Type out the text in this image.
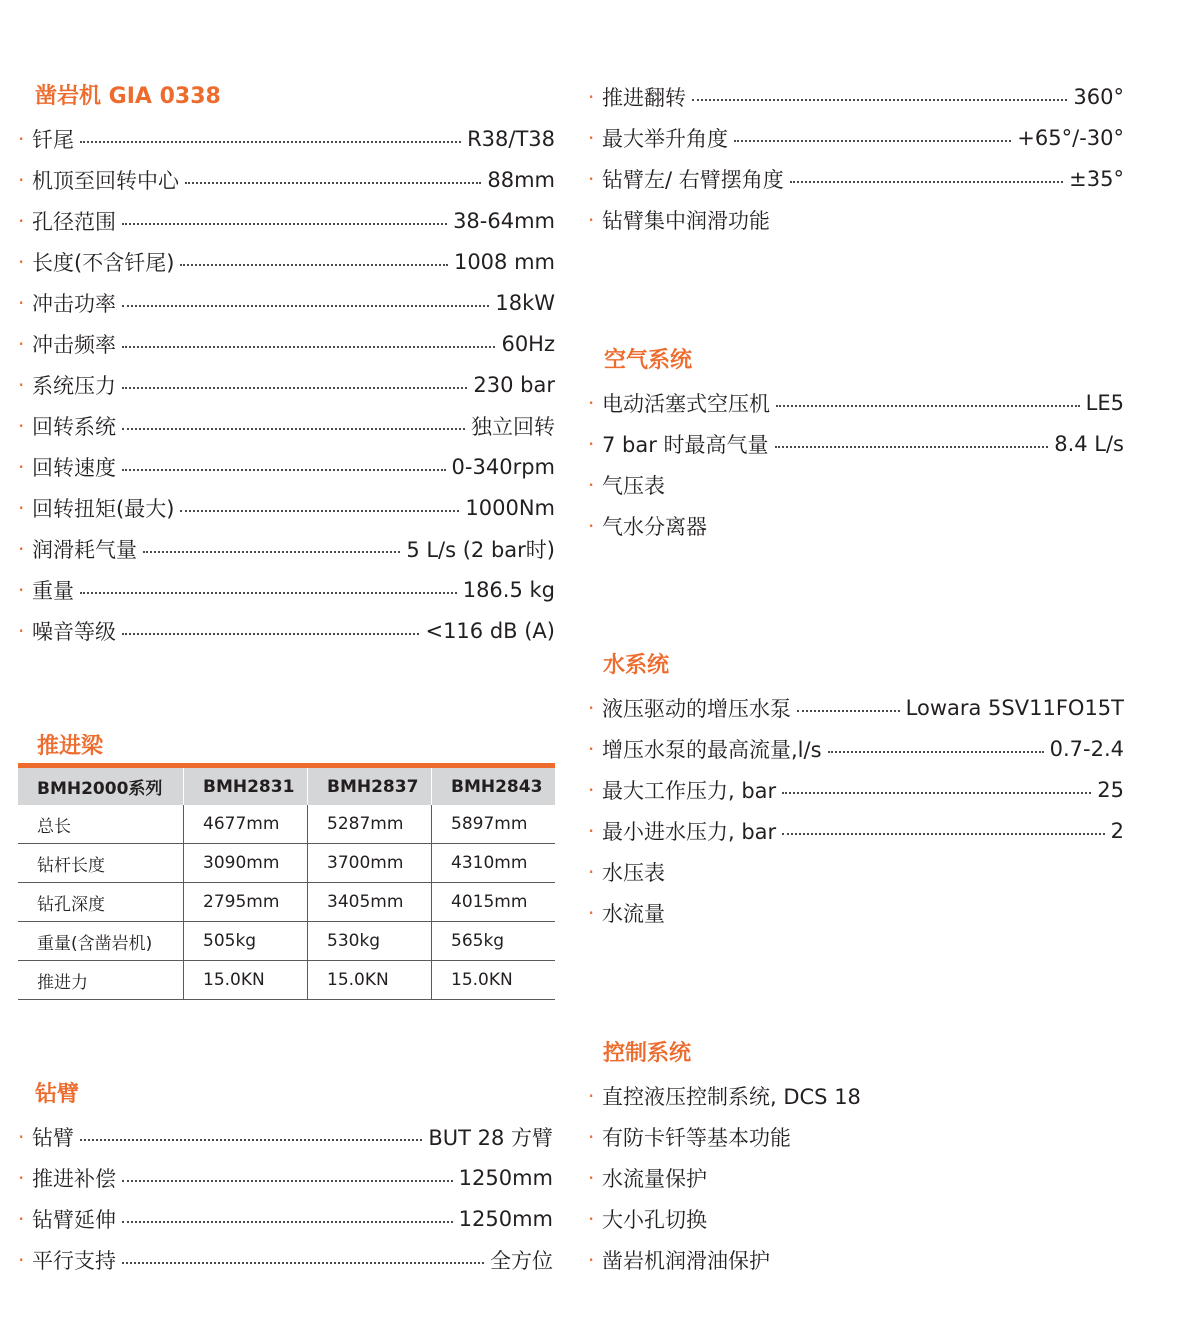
凿岩机 GIA 0338
· 钎尾	R38/T38
· 机顶至回转中心	88mm
· 孔径范围	38-64mm
· 长度(不含钎尾)	1008 mm
· 冲击功率	18kW
· 冲击频率	60Hz
· 系统压力	230 bar
· 回转系统	独立回转
· 回转速度	0-340rpm
· 回转扭矩(最大)	1000Nm
· 润滑耗气量	5 L/s (2 bar时)
· 重量	186.5 kg
· 噪音等级	<116 dB (A)
推进梁
BMH2000系列	BMH2831	BMH2837	BMH2843
总长	4677mm	5287mm	5897mm
钻杆长度	3090mm	3700mm	4310mm
钻孔深度	2795mm	3405mm	4015mm
重量(含凿岩机)	505kg	530kg	565kg
推进力	15.0KN	15.0KN	15.0KN
钻臂
· 钻臂	BUT 28 方臂
· 推进补偿	1250mm
· 钻臂延伸	1250mm
· 平行支持	全方位
· 推进翻转	360°
· 最大举升角度	+65°/-30°
· 钻臂左/ 右臂摆角度	±35°
· 钻臂集中润滑功能
空气系统
· 电动活塞式空压机	LE5
· 7 bar 时最高气量	8.4 L/s
· 气压表
· 气水分离器
水系统
· 液压驱动的增压水泵	Lowara 5SV11FO15T
· 增压水泵的最高流量,l/s	0.7-2.4
· 最大工作压力, bar	25
· 最小进水压力, bar	2
· 水压表
· 水流量
控制系统
· 直控液压控制系统, DCS 18
· 有防卡钎等基本功能
· 水流量保护
· 大小孔切换
· 凿岩机润滑油保护
